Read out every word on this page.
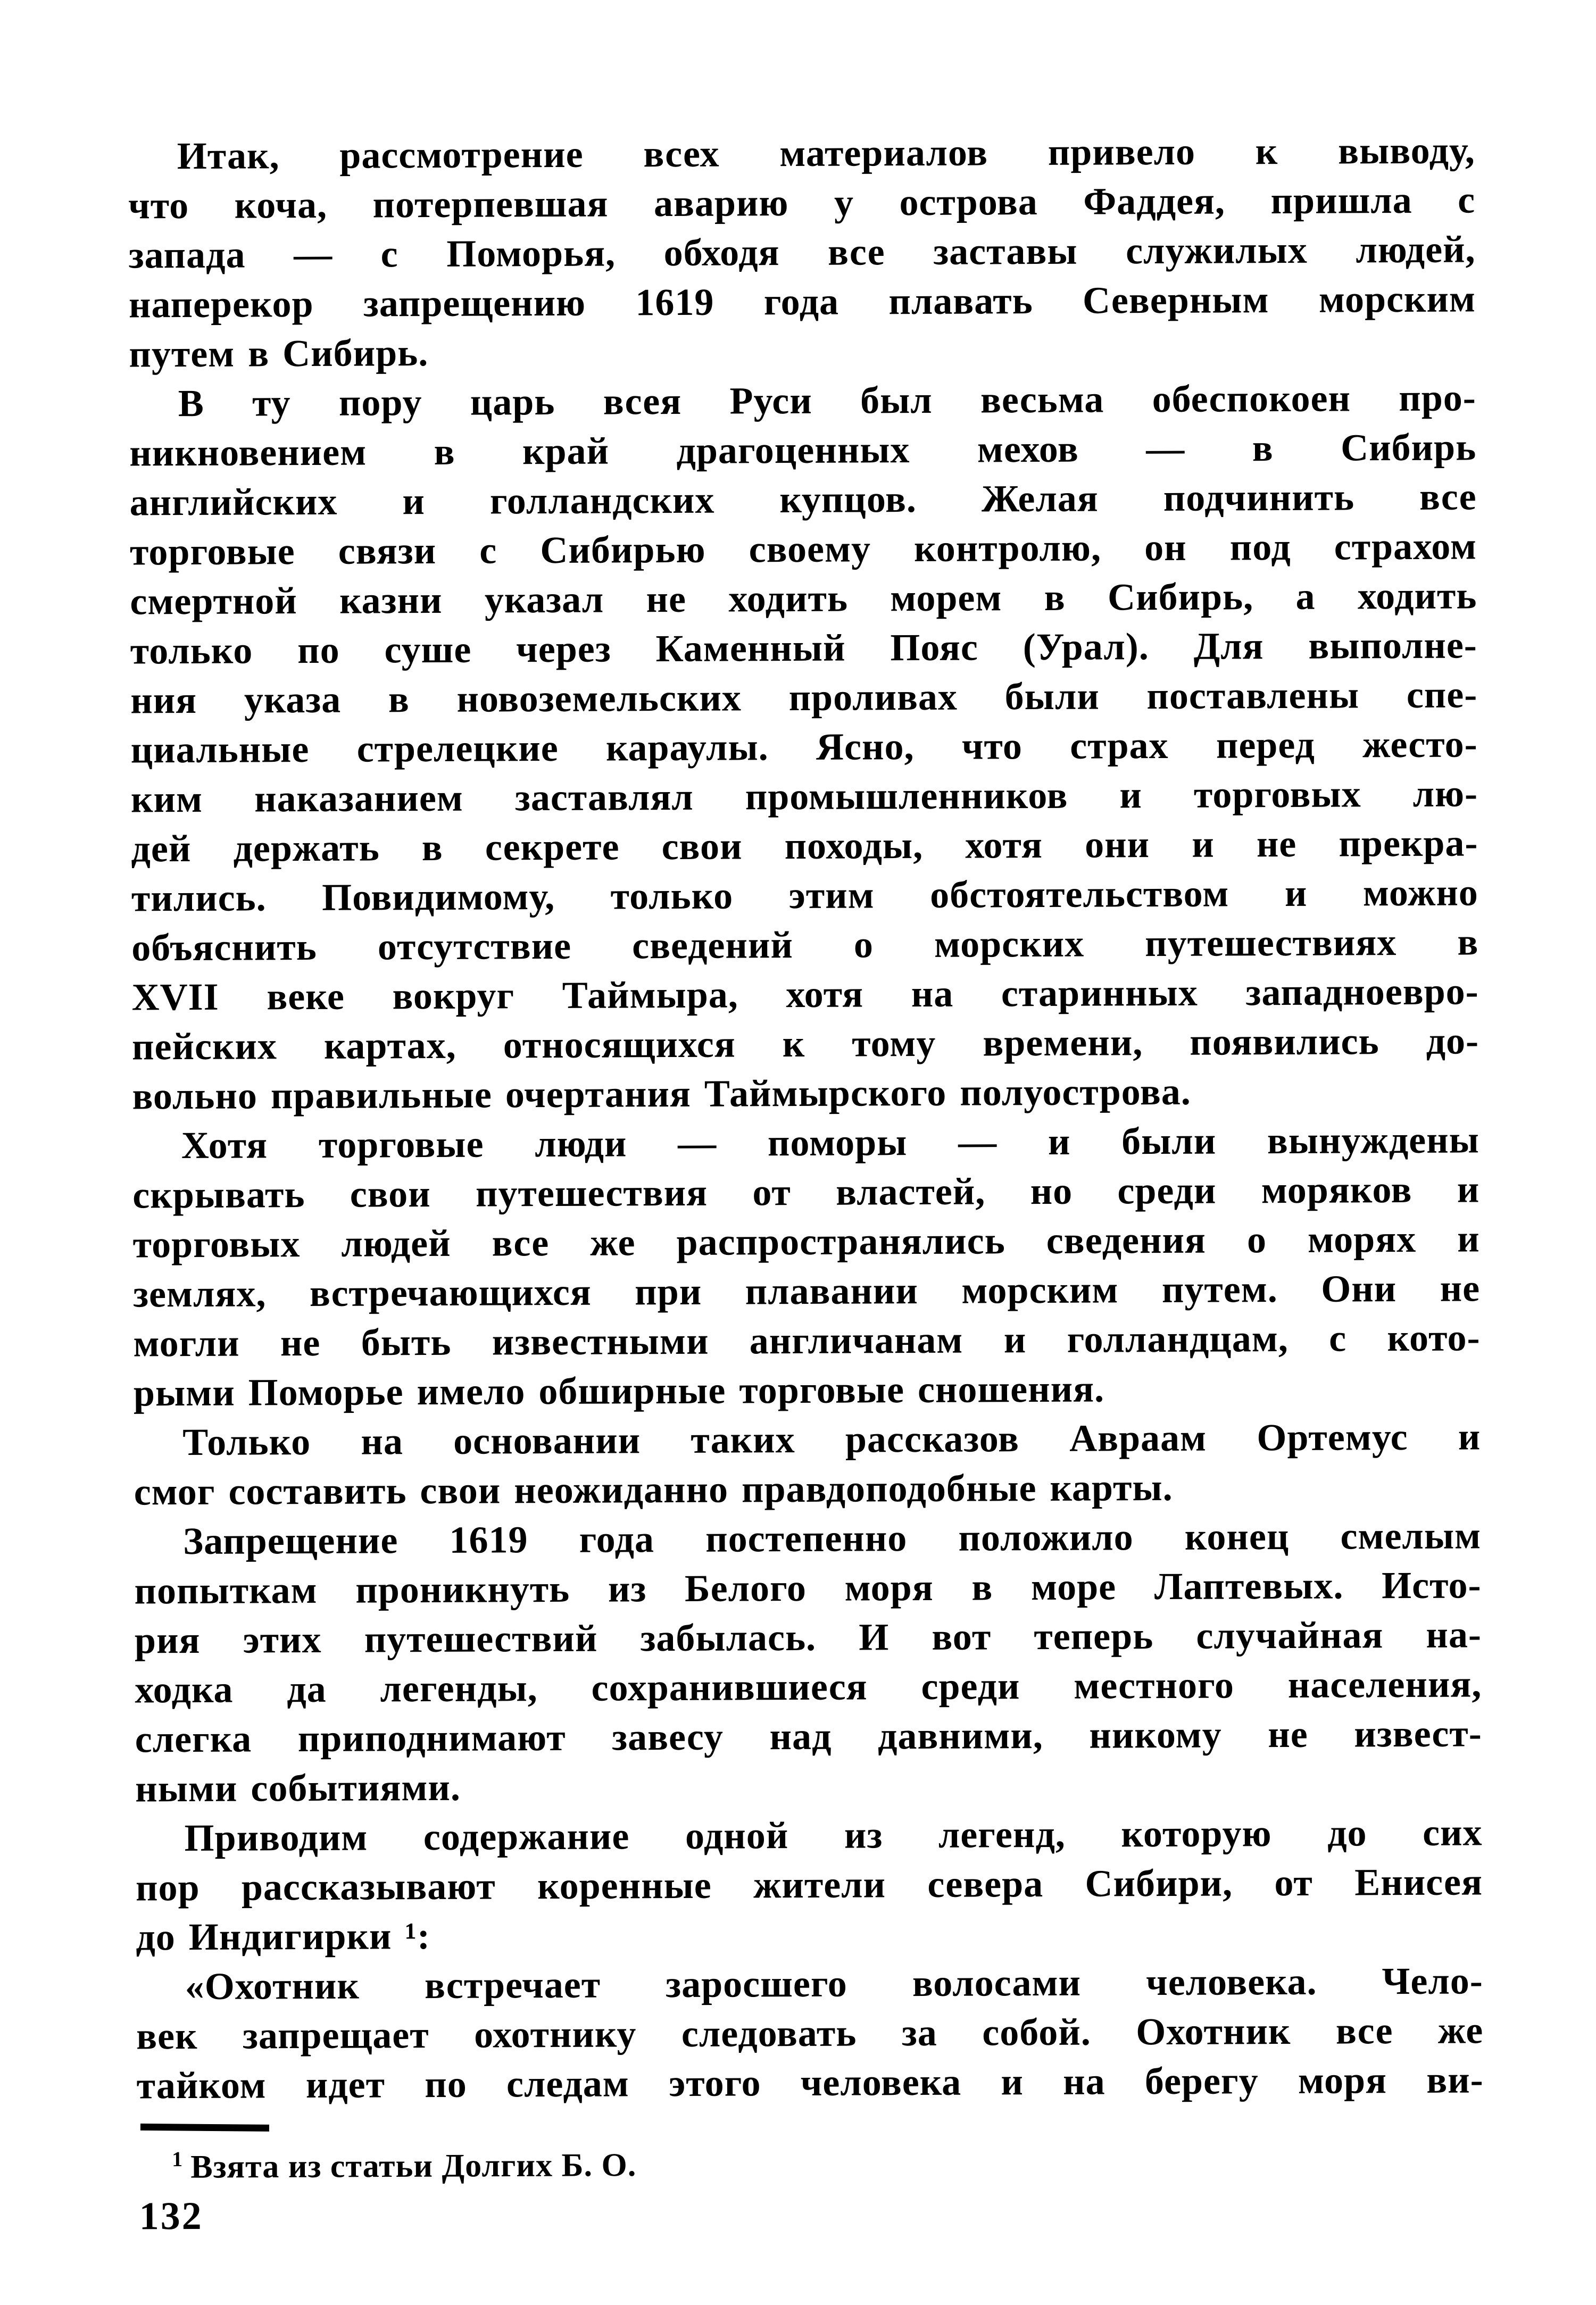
Итак, рассмотрение всех материалов привело к выводу,
что коча, потерпевшая аварию у острова Фаддея, пришла с
запада — с Поморья, обходя все заставы служилых людей,
наперекор запрещению 1619 года плавать Северным морским
путем в Сибирь.
В ту пору царь всея Руси был весьма обеспокоен про-
никновением в край драгоценных мехов — в Сибирь
английских и голландских купцов. Желая подчинить все
торговые связи с Сибирью своему контролю, он под страхом
смертной казни указал не ходить морем в Сибирь, а ходить
только по суше через Каменный Пояс (Урал). Для выполне-
ния указа в новоземельских проливах были поставлены спе-
циальные стрелецкие караулы. Ясно, что страх перед жесто-
ким наказанием заставлял промышленников и торговых лю-
дей держать в секрете свои походы, хотя они и не прекра-
тились. Повидимому, только этим обстоятельством и можно
объяснить отсутствие сведений о морских путешествиях в
XVII веке вокруг Таймыра, хотя на старинных западноевро-
пейских картах, относящихся к тому времени, появились до-
вольно правильные очертания Таймырского полуострова.
Хотя торговые люди — поморы — и были вынуждены
скрывать свои путешествия от властей, но среди моряков и
торговых людей все же распространялись сведения о морях и
землях, встречающихся при плавании морским путем. Они не
могли не быть известными англичанам и голландцам, с кото-
рыми Поморье имело обширные торговые сношения.
Только на основании таких рассказов Авраам Ортемус и
смог составить свои неожиданно правдоподобные карты.
Запрещение 1619 года постепенно положило конец смелым
попыткам проникнуть из Белого моря в море Лаптевых. Исто-
рия этих путешествий забылась. И вот теперь случайная на-
ходка да легенды, сохранившиеся среди местного населения,
слегка приподнимают завесу над давними, никому не извест-
ными событиями.
Приводим содержание одной из легенд, которую до сих
пор рассказывают коренные жители севера Сибири, от Енисея
до Индигирки ¹:
«Охотник встречает заросшего волосами человека. Чело-
век запрещает охотнику следовать за собой. Охотник все же
тайком идет по следам этого человека и на берегу моря ви-
$^1$ Взята из статьи Долгих Б. О.
132
